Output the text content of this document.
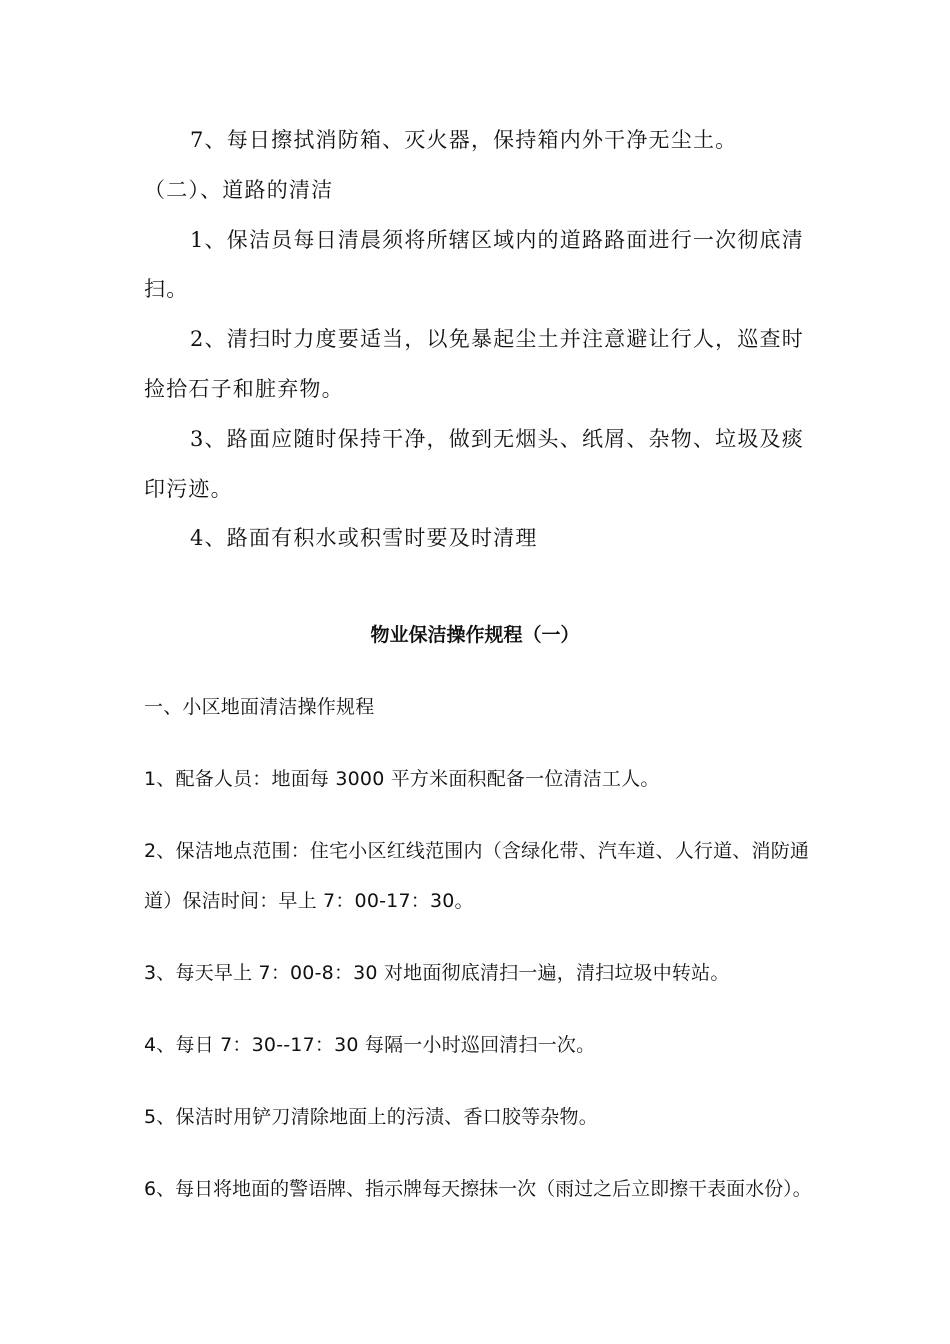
7、每日擦拭消防箱、灭火器，保持箱内外干净无尘土。

（二）、道路的清洁

1、保洁员每日清晨须将所辖区域内的道路路面进行一次彻底清

扫。

2、清扫时力度要适当，以免暴起尘土并注意避让行人，巡查时

捡拾石子和脏弃物。

3、路面应随时保持干净，做到无烟头、纸屑、杂物、垃圾及痰

印污迹。

4、路面有积水或积雪时要及时清理

物业保洁操作规程（一）

一、小区地面清洁操作规程

1、配备人员：地面每 3000 平方米面积配备一位清洁工人。

2、保洁地点范围：住宅小区红线范围内（含绿化带、汽车道、人行道、消防通

道）保洁时间：早上 7：00-17：30。

3、每天早上 7：00-8：30 对地面彻底清扫一遍，清扫垃圾中转站。

4、每日 7：30--17：30 每隔一小时巡回清扫一次。

5、保洁时用铲刀清除地面上的污渍、香口胶等杂物。

6、每日将地面的警语牌、指示牌每天擦抹一次（雨过之后立即擦干表面水份）。
